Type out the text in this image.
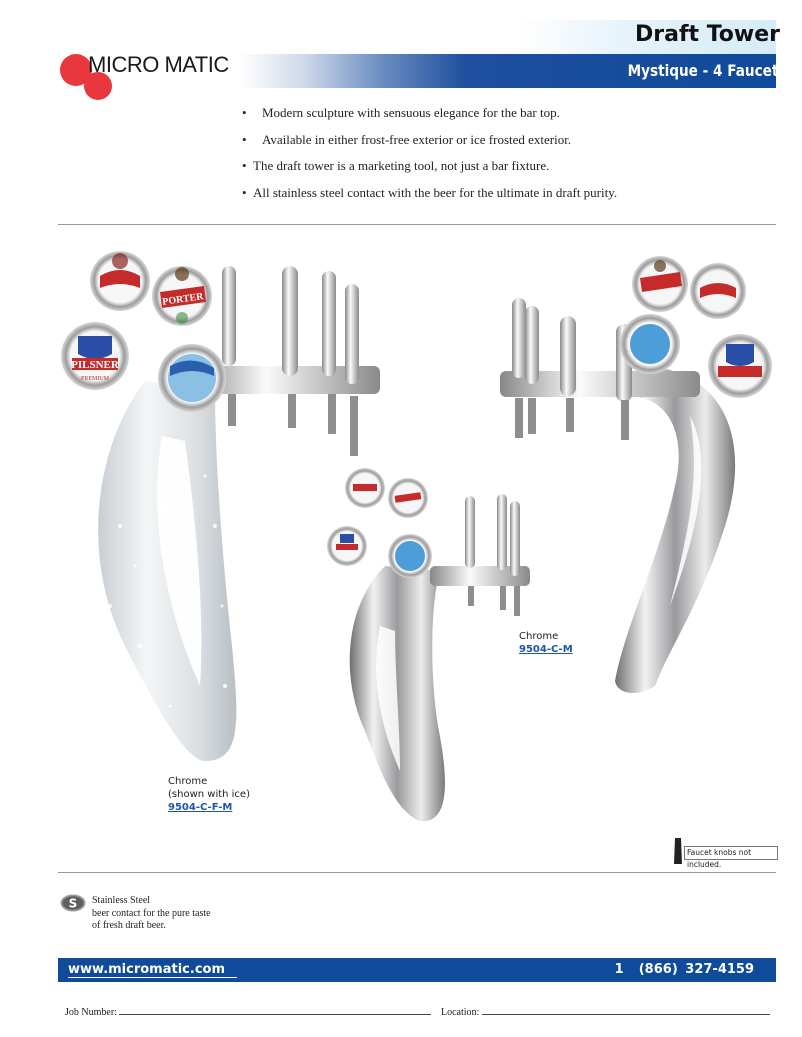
MICRO MATIC
Draft Tower
Mystique - 4 Faucet
• Modern sculpture with sensuous elegance for the bar top.
• Available in either frost-free exterior or ice frosted exterior.
• The draft tower is a marketing tool, not just a bar fixture.
• All stainless steel contact with the beer for the ultimate in draft purity.
PORTER
PILSNER
PREMIUM
Chrome
(shown with ice)
9504-C-F-M
Chrome
9504-C-M
Faucet knobs not included.
S Stainless Steel
beer contact for the pure taste
of fresh draft beer.
www.micromatic.com	1  (866) 327-4159
Job Number:	Location:
